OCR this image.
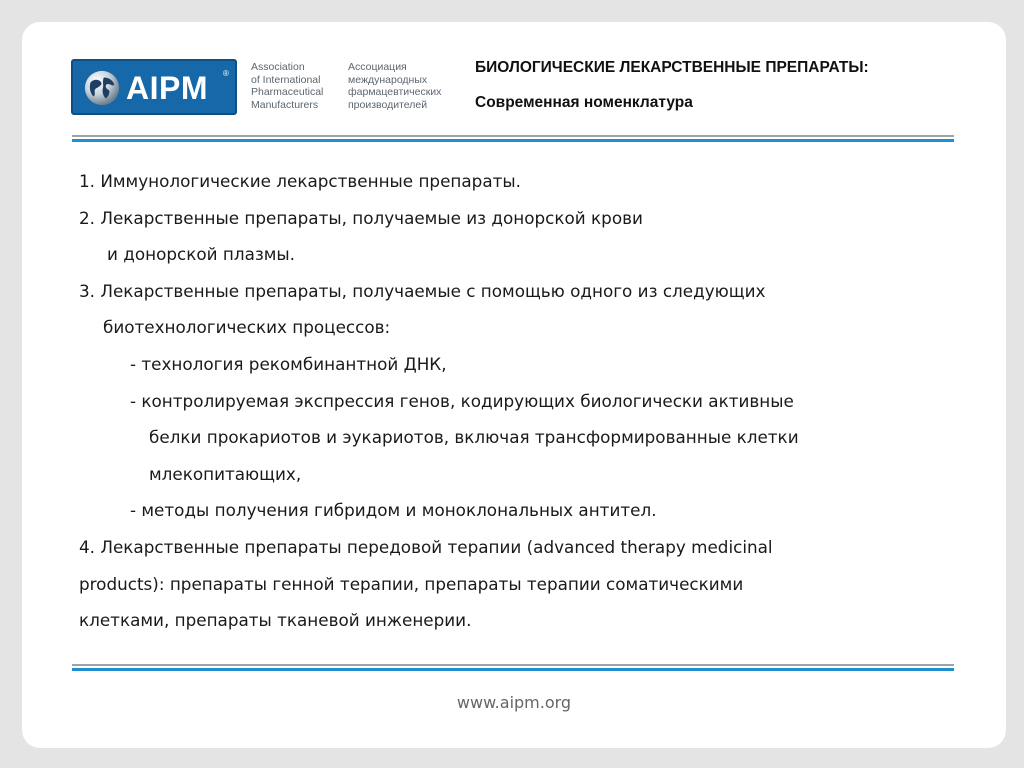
AIPM ®
Association
of International
Pharmaceutical
Manufacturers
Ассоциация
международных
фармацевтических
производителей
БИОЛОГИЧЕСКИЕ ЛЕКАРСТВЕННЫЕ ПРЕПАРАТЫ:
Современная номенклатура
1. Иммунологические лекарственные препараты.
2. Лекарственные препараты, получаемые из донорской крови
и донорской плазмы.
3. Лекарственные препараты, получаемые с помощью одного из следующих
биотехнологических процессов:
- технология рекомбинантной ДНК,
- контролируемая экспрессия генов, кодирующих биологически активные
белки прокариотов и эукариотов, включая трансформированные клетки
млекопитающих,
- методы получения гибридом и моноклональных антител.
4. Лекарственные препараты передовой терапии (advanced therapy medicinal
products): препараты генной терапии, препараты терапии соматическими
клетками, препараты тканевой инженерии.
www.aipm.org
